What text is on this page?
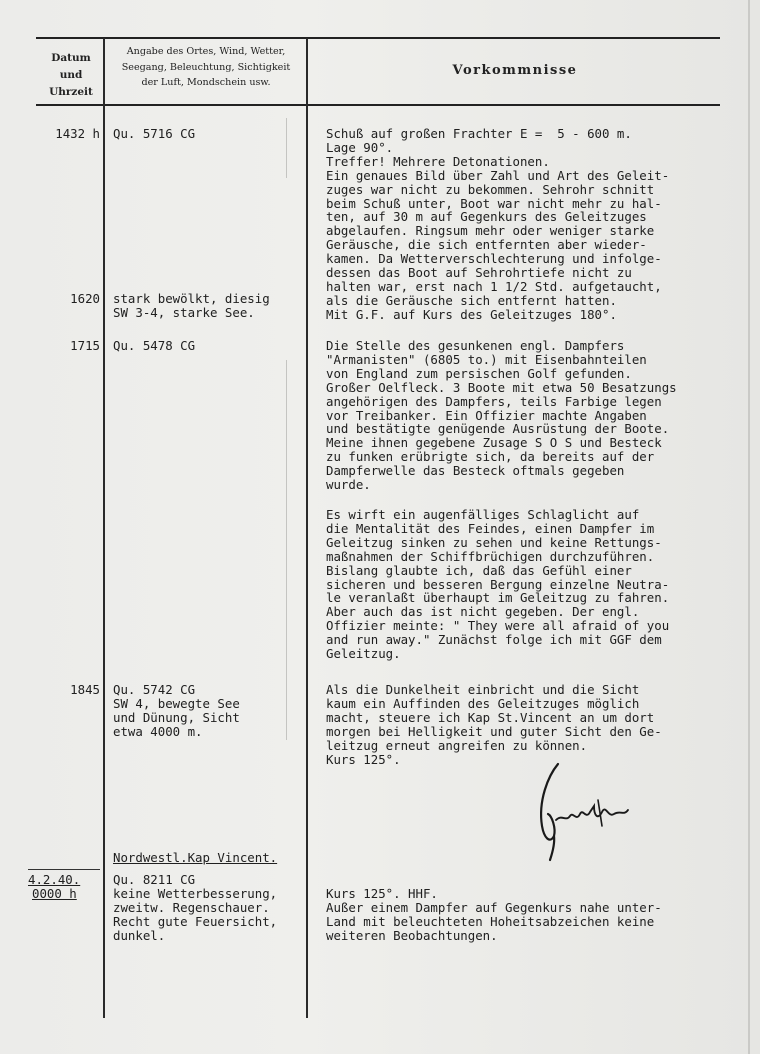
Datum
und
Uhrzeit
Angabe des Ortes, Wind, Wetter,
Seegang, Beleuchtung, Sichtigkeit
der Luft, Mondschein usw.
Vorkommnisse
1432 h Qu. 5716 CG	Schuß auf großen Frachter E =  5 - 600 m.
Lage 90°.
Treffer! Mehrere Detonationen.
Ein genaues Bild über Zahl und Art des Geleit-
zuges war nicht zu bekommen. Sehrohr schnitt
beim Schuß unter, Boot war nicht mehr zu hal-
ten, auf 30 m auf Gegenkurs des Geleitzuges
abgelaufen. Ringsum mehr oder weniger starke
Geräusche, die sich entfernten aber wieder-
kamen. Da Wetterverschlechterung und infolge-
dessen das Boot auf Sehrohrtiefe nicht zu
1620 stark bewölkt, diesig
SW 3-4, starke See.
halten war, erst nach 1 1/2 Std. aufgetaucht,
als die Geräusche sich entfernt hatten.
Mit G.F. auf Kurs des Geleitzuges 180°.
1715 Qu. 5478 CG	Die Stelle des gesunkenen engl. Dampfers
"Armanisten" (6805 to.) mit Eisenbahnteilen
von England zum persischen Golf gefunden.
Großer Oelfleck. 3 Boote mit etwa 50 Besatzungs
angehörigen des Dampfers, teils Farbige legen
vor Treibanker. Ein Offizier machte Angaben
und bestätigte genügende Ausrüstung der Boote.
Meine ihnen gegebene Zusage S O S und Besteck
zu funken erübrigte sich, da bereits auf der
Dampferwelle das Besteck oftmals gegeben
wurde.
Es wirft ein augenfälliges Schlaglicht auf
die Mentalität des Feindes, einen Dampfer im
Geleitzug sinken zu sehen und keine Rettungs-
maßnahmen der Schiffbrüchigen durchzuführen.
Bislang glaubte ich, daß das Gefühl einer
sicheren und besseren Bergung einzelne Neutra-
le veranlaßt überhaupt im Geleitzug zu fahren.
Aber auch das ist nicht gegeben. Der engl.
Offizier meinte: " They were all afraid of you
and run away." Zunächst folge ich mit GGF dem
Geleitzug.
1845 Qu. 5742 CG
SW 4, bewegte See
und Dünung, Sicht
etwa 4000 m.
Als die Dunkelheit einbricht und die Sicht
kaum ein Auffinden des Geleitzuges möglich
macht, steuere ich Kap St.Vincent an um dort
morgen bei Helligkeit und guter Sicht den Ge-
leitzug erneut angreifen zu können.
Kurs 125°.
Nordwestl.Kap Vincent.
4.2.40.
0000 h
Qu. 8211 CG
keine Wetterbesserung,
zweitw. Regenschauer.
Recht gute Feuersicht,
dunkel.
Kurs 125°. HHF.
Außer einem Dampfer auf Gegenkurs nahe unter-
Land mit beleuchteten Hoheitsabzeichen keine
weiteren Beobachtungen.
